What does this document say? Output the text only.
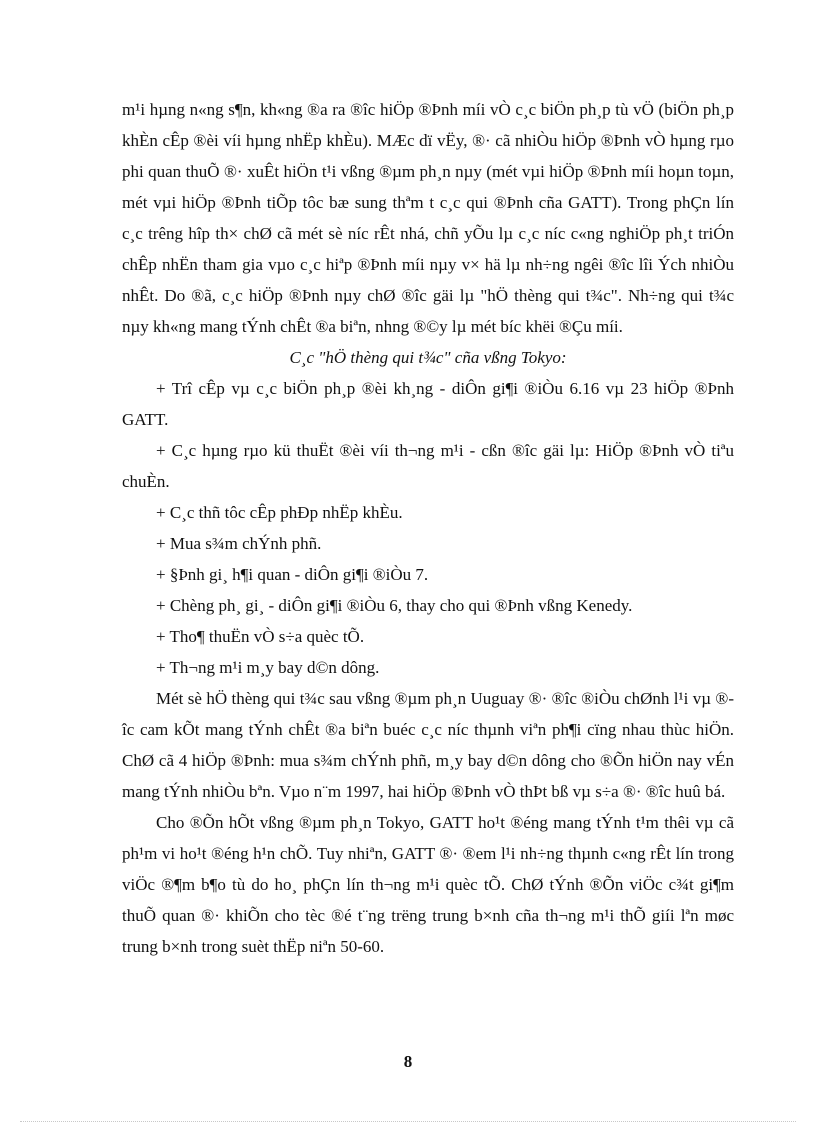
m¹i hµng n«ng s¶n, kh«ng ®a ra ®îc hiÖp ®Þnh míi vÒ c¸c biÖn ph¸p tù vÖ (biÖn ph¸p khÈn cÊp ®èi víi hµng nhËp khÈu). MÆc dï vËy, ®· cã nhiÒu hiÖp ®Þnh vÒ hµng rµo phi quan thuÕ ®· xuÊt hiÖn t¹i vßng ®µm ph¸n nµy (mét vµi hiÖp ®Þnh míi hoµn toµn, mét vµi hiÖp ®Þnh tiÕp tôc bæ sung thªm t c¸c qui ®Þnh cña GATT). Trong phÇn lín c¸c trêng hîp th× chØ cã mét sè níc rÊt nhá, chñ yÕu lµ c¸c níc c«ng nghiÖp ph¸t triÓn chÊp nhËn tham gia vµo c¸c hiªp ®Þnh míi nµy v× hä lµ nh÷ng ngêi ®îc lîi Ých nhiÒu nhÊt. Do ®ã, c¸c hiÖp ®Þnh nµy chØ ®îc gäi lµ "hÖ thèng qui t¾c". Nh÷ng qui t¾c nµy kh«ng mang tÝnh chÊt ®a biªn, nhng ®©y lµ mét bíc khëi ®Çu míi.

C¸c "hÖ thèng qui t¾c" cña vßng Tokyo:

+ Trî cÊp vµ c¸c biÖn ph¸p ®èi kh¸ng - diÔn gi¶i ®iÒu 6.16 vµ 23 hiÖp ®Þnh GATT.

+ C¸c hµng rµo kü thuËt ®èi víi th¬ng m¹i - cßn ®îc gäi lµ: HiÖp ®Þnh vÒ tiªu chuÈn.

+ C¸c thñ tôc cÊp phÐp nhËp khÈu.

+ Mua s¾m chÝnh phñ.

+ §Þnh gi¸ h¶i quan - diÔn gi¶i ®iÒu 7.

+ Chèng ph¸ gi¸ - diÔn gi¶i ®iÒu 6, thay cho qui ®Þnh vßng Kenedy.

+ Tho¶ thuËn vÒ s÷a quèc tÕ.

+ Th¬ng m¹i m¸y bay d©n dông.

Mét sè hÖ thèng qui t¾c sau vßng ®µm ph¸n Uuguay ®· ®îc ®iÒu chØnh l¹i vµ ®îc cam kÕt mang tÝnh chÊt ®a biªn buéc c¸c níc thµnh viªn ph¶i cïng nhau thùc hiÖn. ChØ cã 4 hiÖp ®Þnh: mua s¾m chÝnh phñ, m¸y bay d©n dông cho ®Õn hiÖn nay vÉn mang tÝnh nhiÒu bªn. Vµo n¨m 1997, hai hiÖp ®Þnh vÒ thÞt bß vµ s÷a ®· ®îc huû bá.

Cho ®Õn hÕt vßng ®µm ph¸n Tokyo, GATT ho¹t ®éng mang tÝnh t¹m thêi vµ cã ph¹m vi ho¹t ®éng h¹n chÕ. Tuy nhiªn, GATT ®· ®em l¹i nh÷ng thµnh c«ng rÊt lín trong viÖc ®¶m b¶o tù do ho¸ phÇn lín th¬ng m¹i quèc tÕ. ChØ tÝnh ®Õn viÖc c¾t gi¶m thuÕ quan ®· khiÕn cho tèc ®é t¨ng trëng trung b×nh cña th¬ng m¹i thÕ giíi lªn møc trung b×nh trong suèt thËp niªn 50-60.

8
